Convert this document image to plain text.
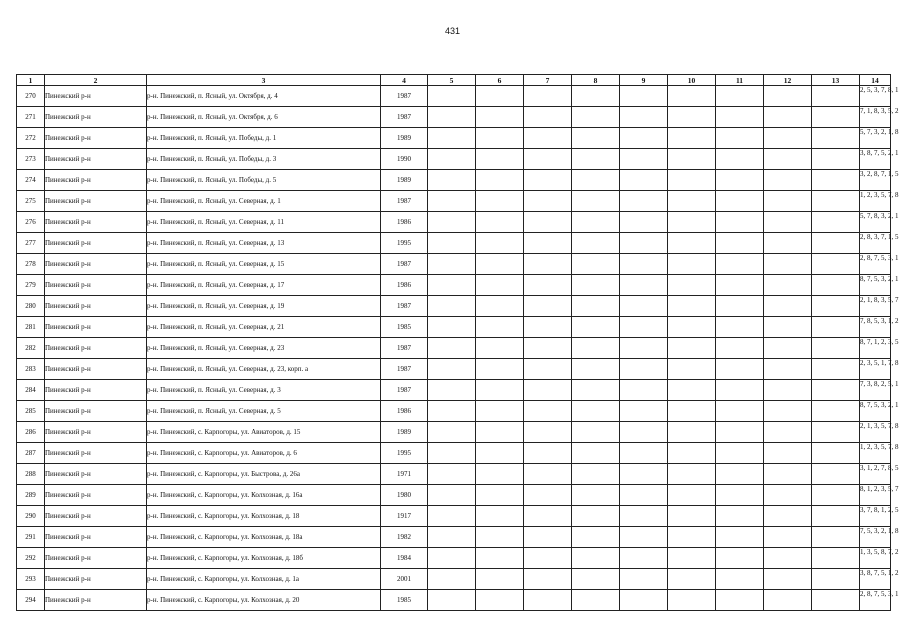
431
1	2	3	4	5	6	7	8	9	10	11	12	13	14
270	Пинежский р-н	р-н. Пинежский, п. Ясный, ул. Октября, д. 4	1987										2, 5, 3, 7, 8, 1
271	Пинежский р-н	р-н. Пинежский, п. Ясный, ул. Октября, д. 6	1987										7, 1, 8, 3, 5, 2
272	Пинежский р-н	р-н. Пинежский, п. Ясный, ул. Победы, д. 1	1989										5, 7, 3, 2, 1, 8
273	Пинежский р-н	р-н. Пинежский, п. Ясный, ул. Победы, д. 3	1990										3, 8, 7, 5, 2, 1
274	Пинежский р-н	р-н. Пинежский, п. Ясный, ул. Победы, д. 5	1989										3, 2, 8, 7, 1, 5
275	Пинежский р-н	р-н. Пинежский, п. Ясный, ул. Северная, д. 1	1987										1, 2, 3, 5, 7, 8
276	Пинежский р-н	р-н. Пинежский, п. Ясный, ул. Северная, д. 11	1986										5, 7, 8, 3, 2, 1
277	Пинежский р-н	р-н. Пинежский, п. Ясный, ул. Северная, д. 13	1995										2, 8, 3, 7, 1, 5
278	Пинежский р-н	р-н. Пинежский, п. Ясный, ул. Северная, д. 15	1987										2, 8, 7, 5, 3, 1
279	Пинежский р-н	р-н. Пинежский, п. Ясный, ул. Северная, д. 17	1986										8, 7, 5, 3, 2, 1
280	Пинежский р-н	р-н. Пинежский, п. Ясный, ул. Северная, д. 19	1987										2, 1, 8, 3, 5, 7
281	Пинежский р-н	р-н. Пинежский, п. Ясный, ул. Северная, д. 21	1985										7, 8, 5, 3, 1, 2
282	Пинежский р-н	р-н. Пинежский, п. Ясный, ул. Северная, д. 23	1987										8, 7, 1, 2, 3, 5
283	Пинежский р-н	р-н. Пинежский, п. Ясный, ул. Северная, д. 23, корп. а	1987										2, 3, 5, 1, 7, 8
284	Пинежский р-н	р-н. Пинежский, п. Ясный, ул. Северная, д. 3	1987										7, 3, 8, 2, 5, 1
285	Пинежский р-н	р-н. Пинежский, п. Ясный, ул. Северная, д. 5	1986										8, 7, 5, 3, 2, 1
286	Пинежский р-н	р-н. Пинежский, с. Карпогоры, ул. Авиаторов, д. 15	1989										2, 1, 3, 5, 7, 8
287	Пинежский р-н	р-н. Пинежский, с. Карпогоры, ул. Авиаторов, д. 6	1995										1, 2, 3, 5, 7, 8
288	Пинежский р-н	р-н. Пинежский, с. Карпогоры, ул. Быстрова, д. 26а	1971										3, 1, 2, 7, 8, 5
289	Пинежский р-н	р-н. Пинежский, с. Карпогоры, ул. Колхозная, д. 16а	1980										8, 1, 2, 3, 5, 7
290	Пинежский р-н	р-н. Пинежский, с. Карпогоры, ул. Колхозная, д. 18	1917										3, 7, 8, 1, 2, 5
291	Пинежский р-н	р-н. Пинежский, с. Карпогоры, ул. Колхозная, д. 18а	1982										7, 5, 3, 2, 1, 8
292	Пинежский р-н	р-н. Пинежский, с. Карпогоры, ул. Колхозная, д. 18б	1984										1, 3, 5, 8, 7, 2
293	Пинежский р-н	р-н. Пинежский, с. Карпогоры, ул. Колхозная, д. 1а	2001										3, 8, 7, 5, 1, 2
294	Пинежский р-н	р-н. Пинежский, с. Карпогоры, ул. Колхозная, д. 20	1985										2, 8, 7, 5, 3, 1
